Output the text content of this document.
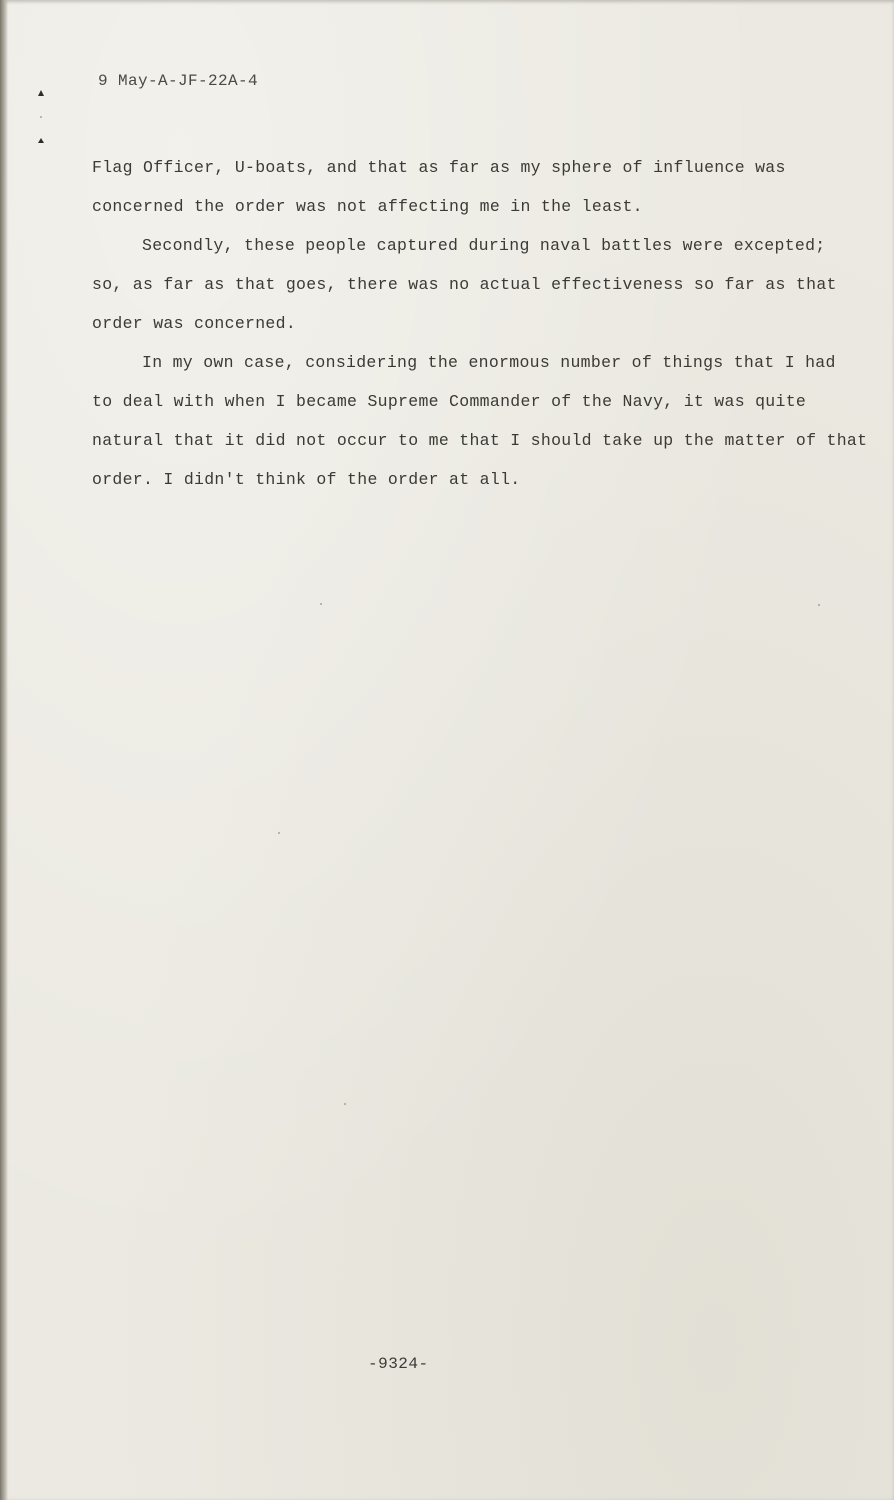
9 May-A-JF-22A-4
Flag Officer, U-boats, and that as far as my sphere of influence was
concerned the order was not affecting me in the least.
Secondly, these people captured during naval battles were excepted;
so, as far as that goes, there was no actual effectiveness so far as that
order was concerned.
In my own case, considering the enormous number of things that I had
to deal with when I became Supreme Commander of the Navy, it was quite
natural that it did not occur to me that I should take up the matter of that
order. I didn't think of the order at all.
-9324-
